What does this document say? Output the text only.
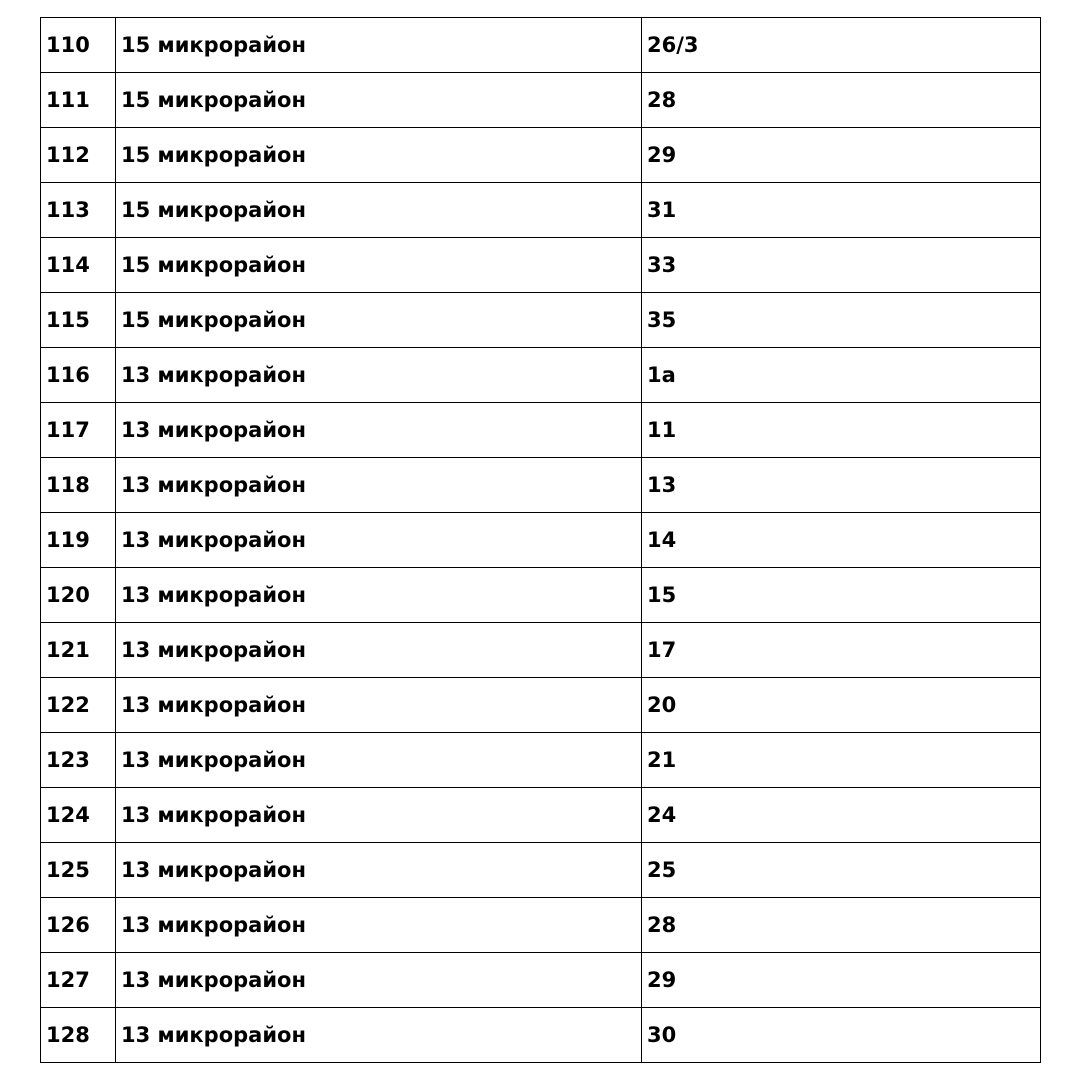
110	15 микрорайон	26/3
111	15 микрорайон	28
112	15 микрорайон	29
113	15 микрорайон	31
114	15 микрорайон	33
115	15 микрорайон	35
116	13 микрорайон	1а
117	13 микрорайон	11
118	13 микрорайон	13
119	13 микрорайон	14
120	13 микрорайон	15
121	13 микрорайон	17
122	13 микрорайон	20
123	13 микрорайон	21
124	13 микрорайон	24
125	13 микрорайон	25
126	13 микрорайон	28
127	13 микрорайон	29
128	13 микрорайон	30
